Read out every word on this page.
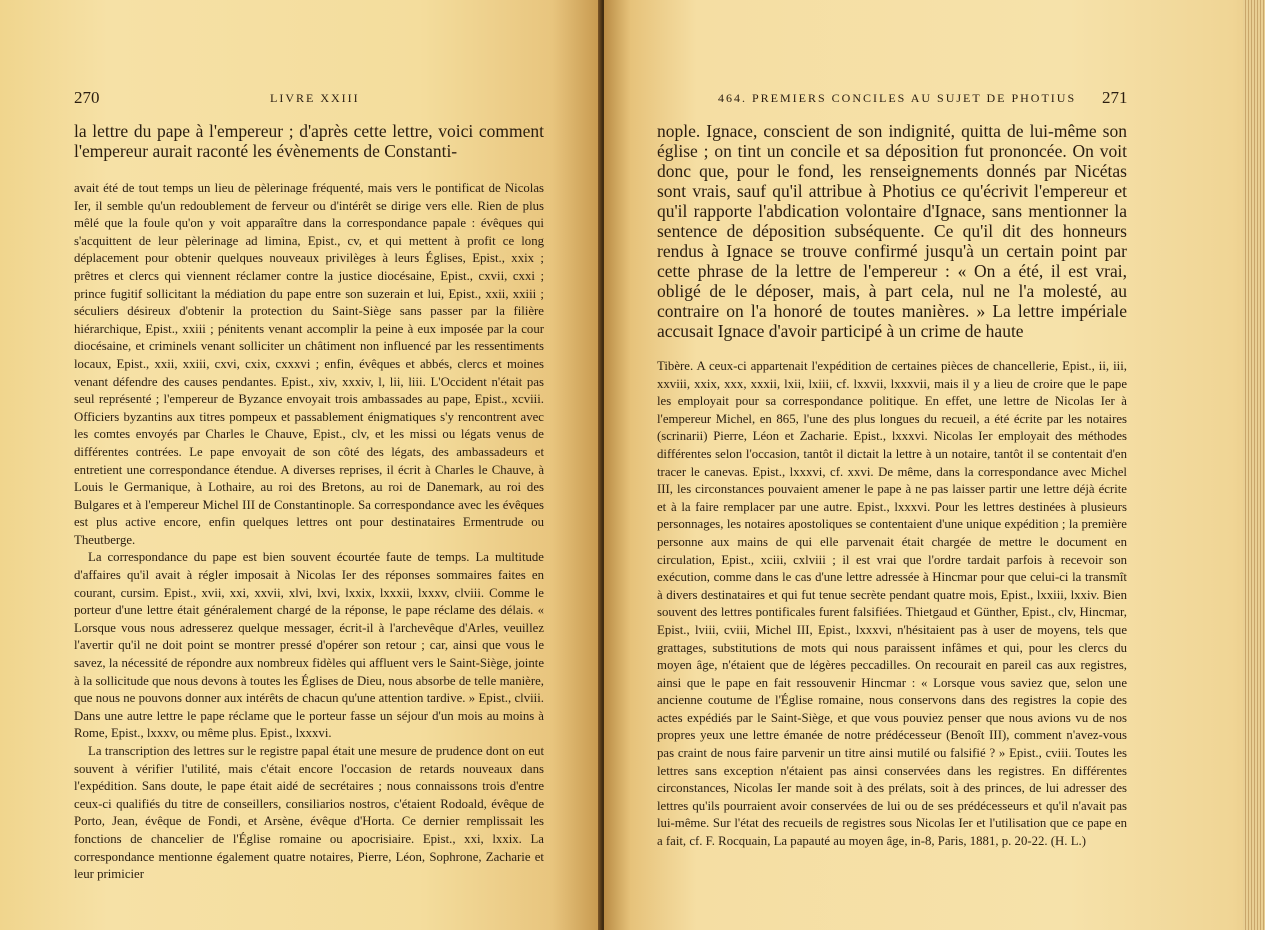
270	LIVRE XXIII

la lettre du pape à l'empereur ; d'après cette lettre, voici comment l'empereur aurait raconté les évènements de Constanti-

avait été de tout temps un lieu de pèlerinage fréquenté, mais vers le pontificat de Nicolas Ier, il semble qu'un redoublement de ferveur ou d'intérêt se dirige vers elle. Rien de plus mêlé que la foule qu'on y voit apparaître dans la correspondance papale : évêques qui s'acquittent de leur pèlerinage ad limina, Epist., cv, et qui mettent à profit ce long déplacement pour obtenir quelques nouveaux privilèges à leurs Églises, Epist., xxix ; prêtres et clercs qui viennent réclamer contre la justice diocésaine, Epist., cxvii, cxxi ; prince fugitif sollicitant la médiation du pape entre son suzerain et lui, Epist., xxii, xxiii ; séculiers désireux d'obtenir la protection du Saint-Siège sans passer par la filière hiérarchique, Epist., xxiii ; pénitents venant accomplir la peine à eux imposée par la cour diocésaine, et criminels venant solliciter un châtiment non influencé par les ressentiments locaux, Epist., xxii, xxiii, cxvi, cxix, cxxxvi ; enfin, évêques et abbés, clercs et moines venant défendre des causes pendantes. Epist., xiv, xxxiv, l, lii, liii. L'Occident n'était pas seul représenté ; l'empereur de Byzance envoyait trois ambassades au pape, Epist., xcviii. Officiers byzantins aux titres pompeux et passablement énigmatiques s'y rencontrent avec les comtes envoyés par Charles le Chauve, Epist., clv, et les missi ou légats venus de différentes contrées. Le pape envoyait de son côté des légats, des ambassadeurs et entretient une correspondance étendue. A diverses reprises, il écrit à Charles le Chauve, à Louis le Germanique, à Lothaire, au roi des Bretons, au roi de Danemark, au roi des Bulgares et à l'empereur Michel III de Constantinople. Sa correspondance avec les évêques est plus active encore, enfin quelques lettres ont pour destinataires Ermentrude ou Theutberge.

La correspondance du pape est bien souvent écourtée faute de temps. La multitude d'affaires qu'il avait à régler imposait à Nicolas Ier des réponses sommaires faites en courant, cursim. Epist., xvii, xxi, xxvii, xlvi, lxvi, lxxix, lxxxii, lxxxv, clviii. Comme le porteur d'une lettre était généralement chargé de la réponse, le pape réclame des délais. « Lorsque vous nous adresserez quelque messager, écrit-il à l'archevêque d'Arles, veuillez l'avertir qu'il ne doit point se montrer pressé d'opérer son retour ; car, ainsi que vous le savez, la nécessité de répondre aux nombreux fidèles qui affluent vers le Saint-Siège, jointe à la sollicitude que nous devons à toutes les Églises de Dieu, nous absorbe de telle manière, que nous ne pouvons donner aux intérêts de chacun qu'une attention tardive. » Epist., clviii. Dans une autre lettre le pape réclame que le porteur fasse un séjour d'un mois au moins à Rome, Epist., lxxxv, ou même plus. Epist., lxxxvi.

La transcription des lettres sur le registre papal était une mesure de prudence dont on eut souvent à vérifier l'utilité, mais c'était encore l'occasion de retards nouveaux dans l'expédition. Sans doute, le pape était aidé de secrétaires ; nous connaissons trois d'entre ceux-ci qualifiés du titre de conseillers, consiliarios nostros, c'étaient Rodoald, évêque de Porto, Jean, évêque de Fondi, et Arsène, évêque d'Horta. Ce dernier remplissait les fonctions de chancelier de l'Église romaine ou apocrisiaire. Epist., xxi, lxxix. La correspondance mentionne également quatre notaires, Pierre, Léon, Sophrone, Zacharie et leur primicier

464. PREMIERS CONCILES AU SUJET DE PHOTIUS 271

nople. Ignace, conscient de son indignité, quitta de lui-même son église ; on tint un concile et sa déposition fut prononcée. On voit donc que, pour le fond, les renseignements donnés par Nicétas sont vrais, sauf qu'il attribue à Photius ce qu'écrivit l'empereur et qu'il rapporte l'abdication volontaire d'Ignace, sans mentionner la sentence de déposition subséquente. Ce qu'il dit des honneurs rendus à Ignace se trouve confirmé jusqu'à un certain point par cette phrase de la lettre de l'empereur : « On a été, il est vrai, obligé de le déposer, mais, à part cela, nul ne l'a molesté, au contraire on l'a honoré de toutes manières. » La lettre impériale accusait Ignace d'avoir participé à un crime de haute

Tibère. A ceux-ci appartenait l'expédition de certaines pièces de chancellerie, Epist., ii, iii, xxviii, xxix, xxx, xxxii, lxii, lxiii, cf. lxxvii, lxxxvii, mais il y a lieu de croire que le pape les employait pour sa correspondance politique. En effet, une lettre de Nicolas Ier à l'empereur Michel, en 865, l'une des plus longues du recueil, a été écrite par les notaires (scrinarii) Pierre, Léon et Zacharie. Epist., lxxxvi. Nicolas Ier employait des méthodes différentes selon l'occasion, tantôt il dictait la lettre à un notaire, tantôt il se contentait d'en tracer le canevas. Epist., lxxxvi, cf. xxvi. De même, dans la correspondance avec Michel III, les circonstances pouvaient amener le pape à ne pas laisser partir une lettre déjà écrite et à la faire remplacer par une autre. Epist., lxxxvi. Pour les lettres destinées à plusieurs personnages, les notaires apostoliques se contentaient d'une unique expédition ; la première personne aux mains de qui elle parvenait était chargée de mettre le document en circulation, Epist., xciii, cxlviii ; il est vrai que l'ordre tardait parfois à recevoir son exécution, comme dans le cas d'une lettre adressée à Hincmar pour que celui-ci la transmît à divers destinataires et qui fut tenue secrète pendant quatre mois, Epist., lxxiii, lxxiv. Bien souvent des lettres pontificales furent falsifiées. Thietgaud et Günther, Epist., clv, Hincmar, Epist., lviii, cviii, Michel III, Epist., lxxxvi, n'hésitaient pas à user de moyens, tels que grattages, substitutions de mots qui nous paraissent infâmes et qui, pour les clercs du moyen âge, n'étaient que de légères peccadilles. On recourait en pareil cas aux registres, ainsi que le pape en fait ressouvenir Hincmar : « Lorsque vous saviez que, selon une ancienne coutume de l'Église romaine, nous conservons dans des registres la copie des actes expédiés par le Saint-Siège, et que vous pouviez penser que nous avions vu de nos propres yeux une lettre émanée de notre prédécesseur (Benoît III), comment n'avez-vous pas craint de nous faire parvenir un titre ainsi mutilé ou falsifié ? » Epist., cviii. Toutes les lettres sans exception n'étaient pas ainsi conservées dans les registres. En différentes circonstances, Nicolas Ier mande soit à des prélats, soit à des princes, de lui adresser des lettres qu'ils pourraient avoir conservées de lui ou de ses prédécesseurs et qu'il n'avait pas lui-même. Sur l'état des recueils de registres sous Nicolas Ier et l'utilisation que ce pape en a fait, cf. F. Rocquain, La papauté au moyen âge, in-8, Paris, 1881, p. 20-22. (H. L.)
